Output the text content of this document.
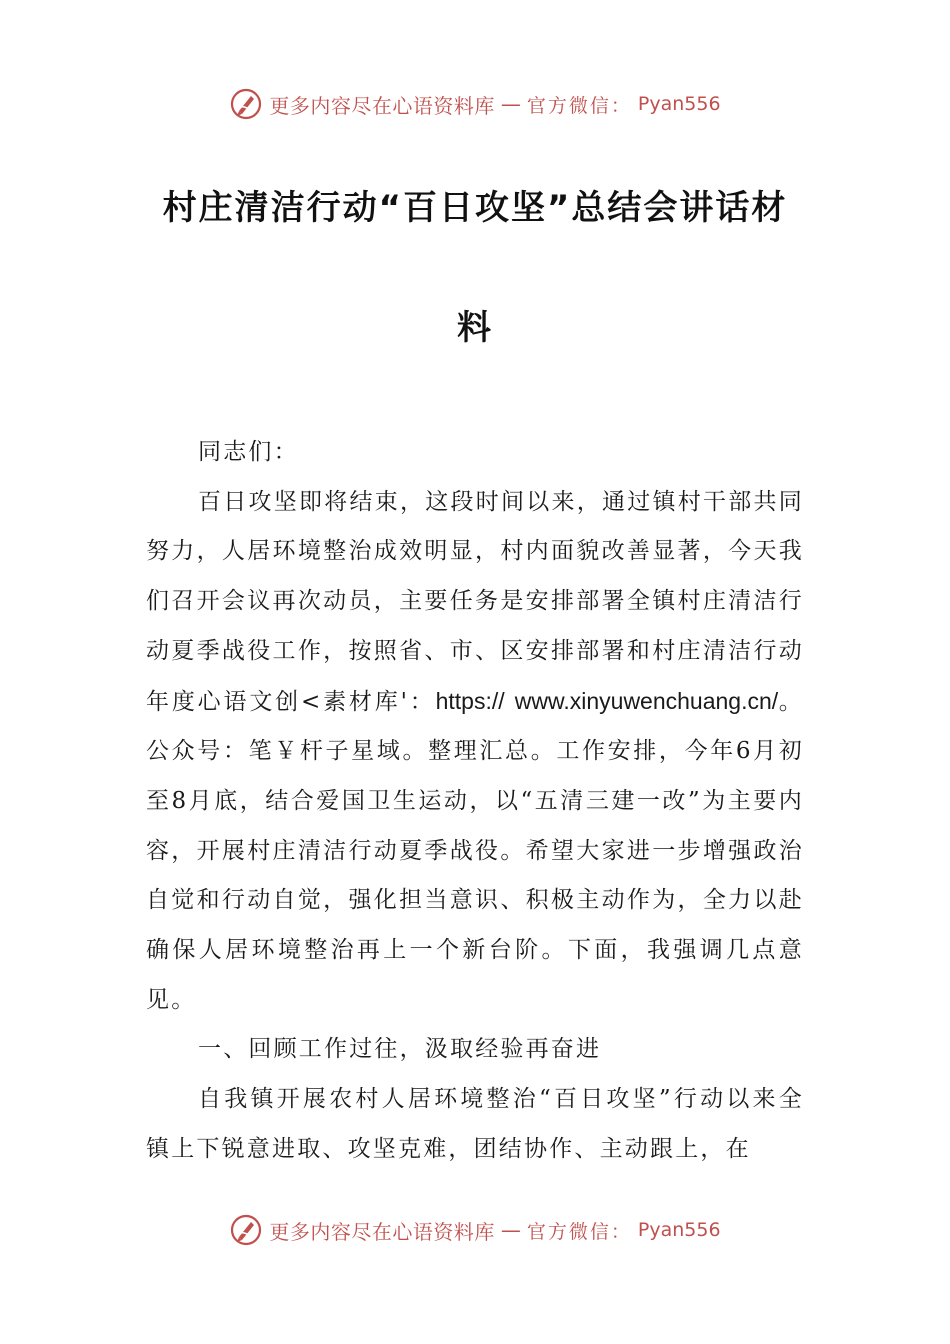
更多内容尽在心语资料库 — 官方微信： Pyan556
村庄清洁行动“百日攻坚”总结会讲话材
料

同志们：

百日攻坚即将结束，这段时间以来，通过镇村干部共同努力，人居环境整治成效明显，村内面貌改善显著，今天我们召开会议再次动员，主要任务是安排部署全镇村庄清洁行动夏季战役工作，按照省、市、区安排部署和村庄清洁行动年度心语文创<素材库'：https:// www.xinyuwenchuang.cn/。公众号：笔￥杆子星域。整理汇总。工作安排，今年6月初至8月底，结合爱国卫生运动，以“五清三建一改”为主要内容，开展村庄清洁行动夏季战役。希望大家进一步增强政治自觉和行动自觉，强化担当意识、积极主动作为，全力以赴确保人居环境整治再上一个新台阶。下面，我强调几点意见。

一、回顾工作过往，汲取经验再奋进

自我镇开展农村人居环境整治“百日攻坚”行动以来全镇上下锐意进取、攻坚克难，团结协作、主动跟上，在

更多内容尽在心语资料库 — 官方微信： Pyan556
